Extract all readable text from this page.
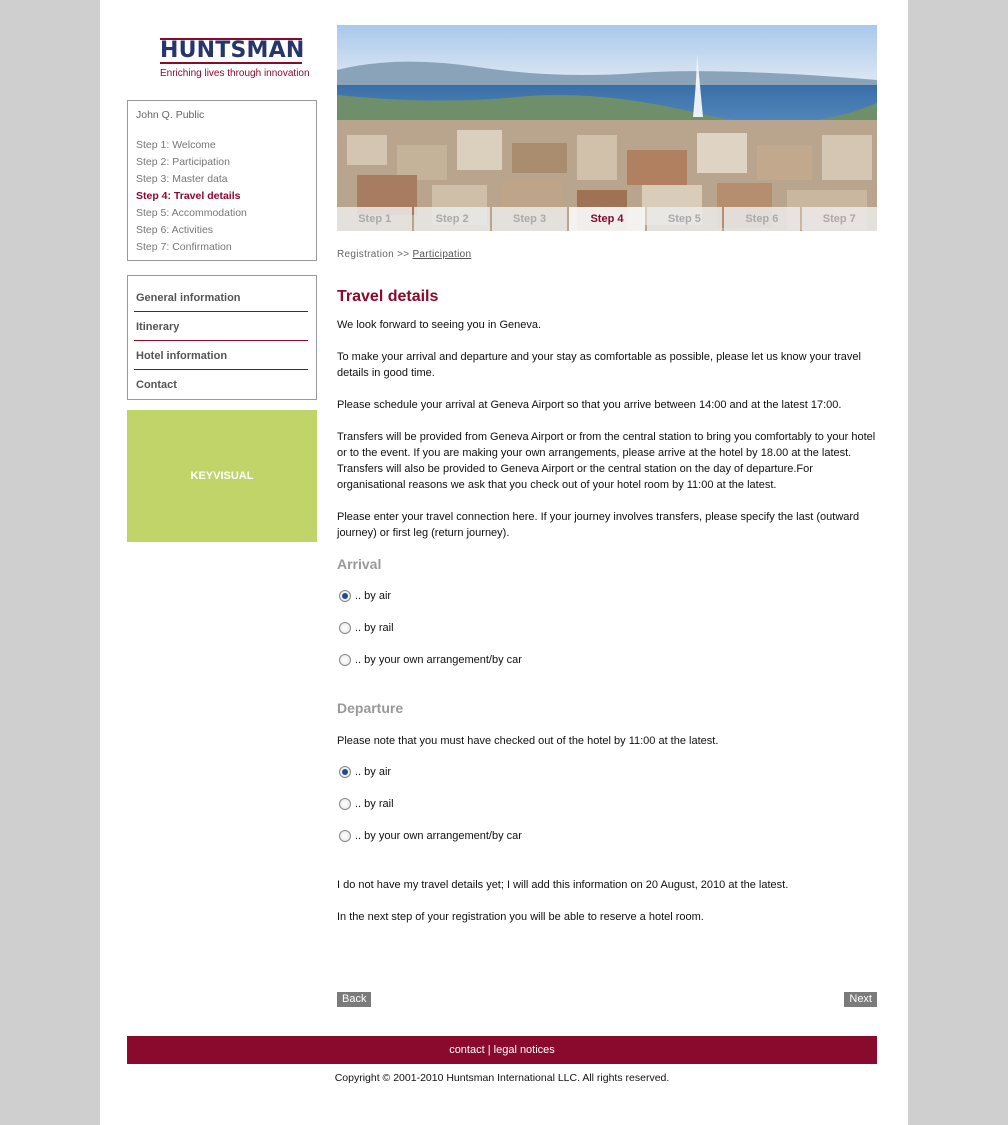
HUNTSMAN
Enriching lives through innovation
John Q. Public
Step 1: Welcome
Step 2: Participation
Step 3: Master data
Step 4: Travel details
Step 5: Accommodation
Step 6: Activities
Step 7: Confirmation
General information
Itinerary
Hotel information
Contact
KEYVISUAL
Step 1	Step 2	Step 3	Step 4	Step 5	Step 6	Step 7
Registration >> Participation
Travel details
We look forward to seeing you in Geneva.
To make your arrival and departure and your stay as comfortable as possible, please let us know your travel details in good time.
Please schedule your arrival at Geneva Airport so that you arrive between 14:00 and at the latest 17:00.
Transfers will be provided from Geneva Airport or from the central station to bring you comfortably to your hotel or to the event. If you are making your own arrangements, please arrive at the hotel by 18.00 at the latest. Transfers will also be provided to Geneva Airport or the central station on the day of departure.For organisational reasons we ask that you check out of your hotel room by 11:00 at the latest.
Please enter your travel connection here. If your journey involves transfers, please specify the last (outward journey) or first leg (return journey).
Arrival
.. by air
.. by rail
.. by your own arrangement/by car
Departure
Please note that you must have checked out of the hotel by 11:00 at the latest.
.. by air
.. by rail
.. by your own arrangement/by car
I do not have my travel details yet; I will add this information on 20 August, 2010 at the latest.
In the next step of your registration you will be able to reserve a hotel room.
Back	Next
contact | legal notices
Copyright © 2001-2010 Huntsman International LLC. All rights reserved.
